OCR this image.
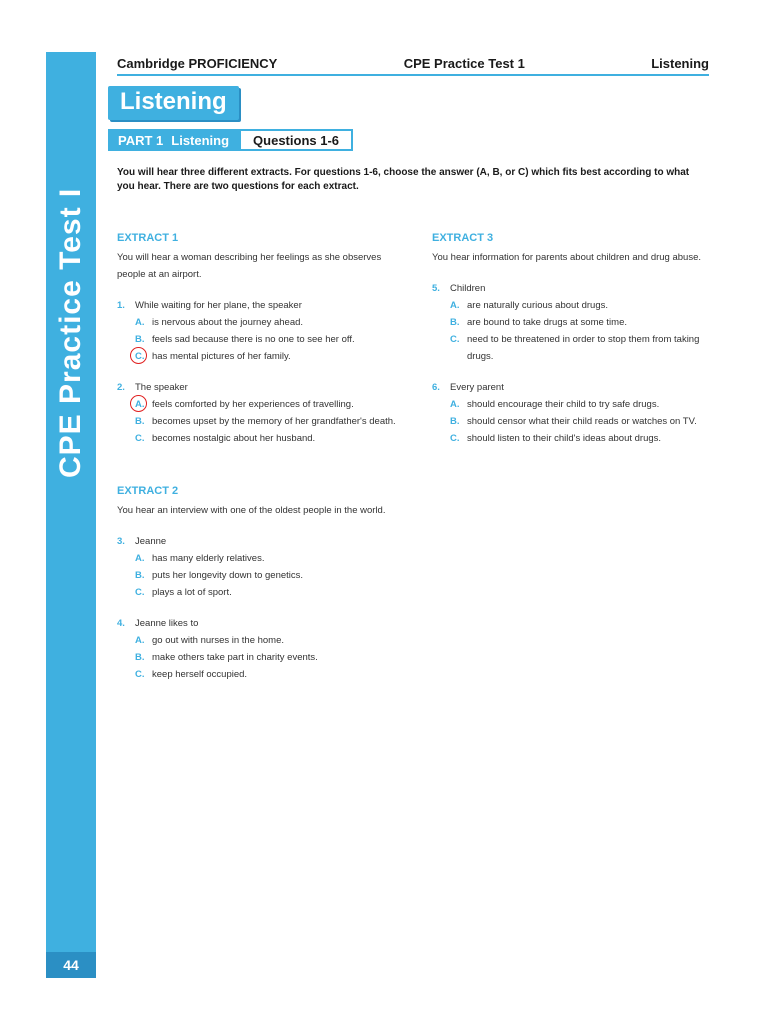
CPE Practice Test I
44
Cambridge PROFICIENCY	CPE Practice Test 1	Listening
Listening
PART 1 Listening	Questions 1-6
You will hear three different extracts. For questions 1-6, choose the answer (A, B, or C) which fits best according to what you hear. There are two questions for each extract.
EXTRACT 1
You will hear a woman describing her feelings as she observes people at an airport.
1.	While waiting for her plane, the speaker
A. is nervous about the journey ahead.
B. feels sad because there is no one to see her off.
C. has mental pictures of her family.
2.	The speaker
A. feels comforted by her experiences of travelling.
B. becomes upset by the memory of her grandfather's death.
C. becomes nostalgic about her husband.
EXTRACT 2
You hear an interview with one of the oldest people in the world.
3.	Jeanne
A. has many elderly relatives.
B. puts her longevity down to genetics.
C. plays a lot of sport.
4.	Jeanne likes to
A. go out with nurses in the home.
B. make others take part in charity events.
C. keep herself occupied.
EXTRACT 3
You hear information for parents about children and drug abuse.
5.	Children
A. are naturally curious about drugs.
B. are bound to take drugs at some time.
C. need to be threatened in order to stop them from taking drugs.
6.	Every parent
A. should encourage their child to try safe drugs.
B. should censor what their child reads or watches on TV.
C. should listen to their child's ideas about drugs.
